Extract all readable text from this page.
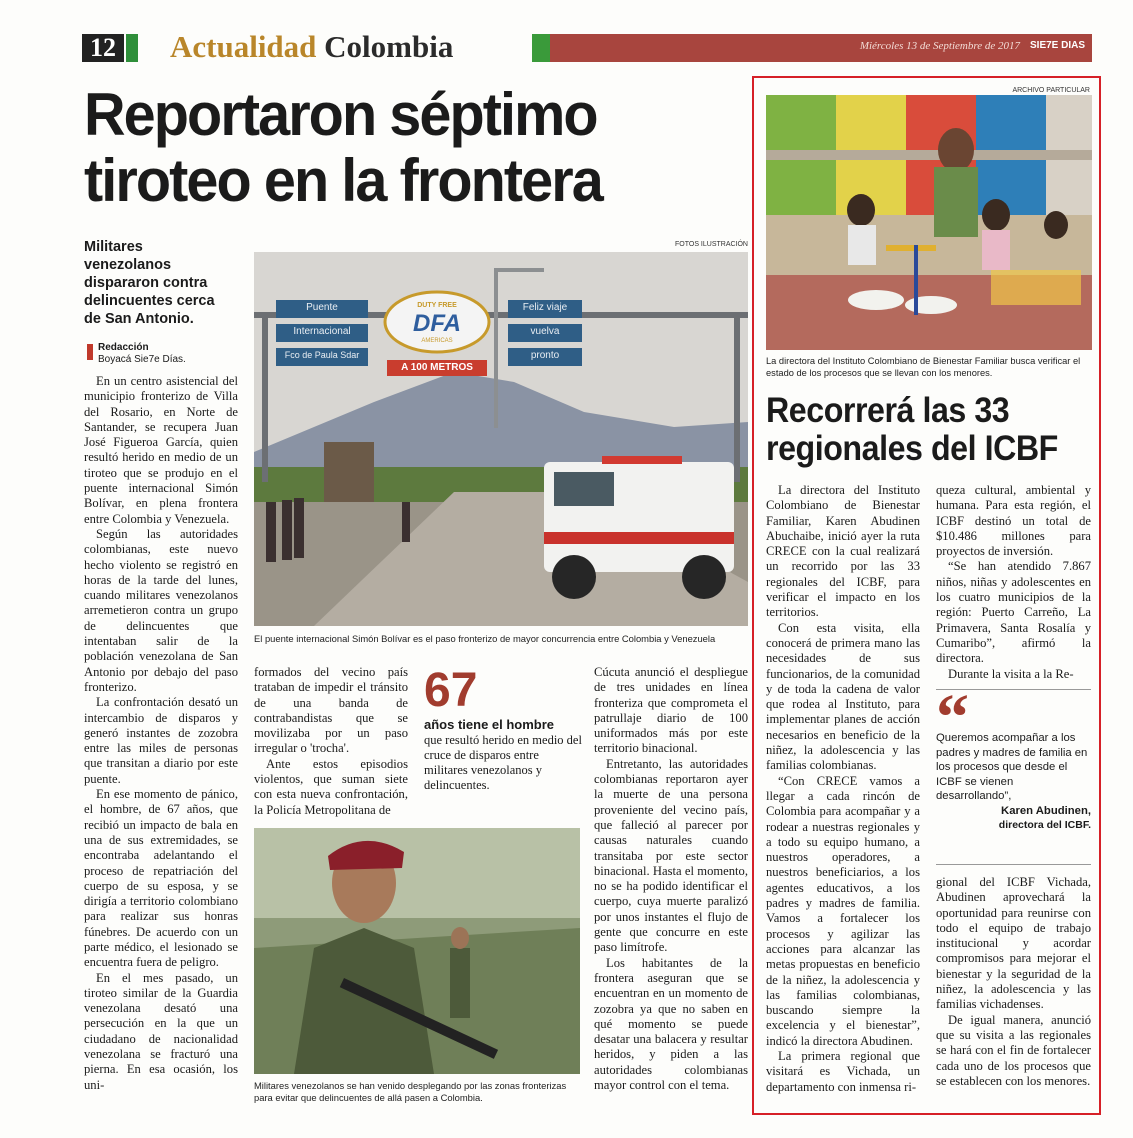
12 Actualidad Colombia	Miércoles 13 de Septiembre de 2017 SIE7E DIAS
Reportaron séptimo
tiroteo en la frontera
Militares venezolanos dispararon contra delincuentes cerca de San Antonio.
Redacción
Boyacá Sie7e Días.
FOTOS ILUSTRACIÓN
Puente
Internacional
Fco de Paula Sdar
DUTY FREE
DFA
AMERICAS
A 100 METROS
Feliz viaje
vuelva
pronto
El puente internacional Simón Bolívar es el paso fronterizo de mayor concurrencia entre Colombia y Venezuela

En un centro asistencial del municipio fronterizo de Villa del Rosario, en Norte de Santander, se recupera Juan José Figueroa García, quien resultó herido en medio de un tiroteo que se produjo en el puente internacional Simón Bolívar, en plena frontera entre Colombia y Venezuela.

Según las autoridades colombianas, este nuevo hecho violento se registró en horas de la tarde del lunes, cuando militares venezolanos arremetieron contra un grupo de delincuentes que intentaban salir de la población venezolana de San Antonio por debajo del paso fronterizo.

La confrontación desató un intercambio de disparos y generó instantes de zozobra entre las miles de personas que transitan a diario por este puente.

En ese momento de pánico, el hombre, de 67 años, que recibió un impacto de bala en una de sus extremidades, se encontraba adelantando el proceso de repatriación del cuerpo de su esposa, y se dirigía a territorio colombiano para realizar sus honras fúnebres. De acuerdo con un parte médico, el lesionado se encuentra fuera de peligro.

En el mes pasado, un tiroteo similar de la Guardia venezolana desató una persecución en la que un ciudadano de nacionalidad venezolana se fracturó una pierna. En esa ocasión, los uni-

formados del vecino país trataban de impedir el tránsito de una banda de contrabandistas que se movilizaba por un paso irregular o 'trocha'.

Ante estos episodios violentos, que suman siete con esta nueva confrontación, la Policía Metropolitana de

67
años tiene el hombre
que resultó herido en medio del cruce de disparos entre militares venezolanos y delincuentes.

Cúcuta anunció el despliegue de tres unidades en línea fronteriza que comprometa el patrullaje diario de 100 uniformados más por este territorio binacional.

Entretanto, las autoridades colombianas reportaron ayer la muerte de una persona proveniente del vecino país, que falleció al parecer por causas naturales cuando transitaba por este sector binacional. Hasta el momento, no se ha podido identificar el cuerpo, cuya muerte paralizó por unos instantes el flujo de gente que concurre en este paso limítrofe.

Los habitantes de la frontera aseguran que se encuentran en un momento de zozobra ya que no saben en qué momento se puede desatar una balacera y resultar heridos, y piden a las autoridades colombianas mayor control con el tema.

Militares venezolanos se han venido desplegando por las zonas fronterizas para evitar que delincuentes de allá pasen a Colombia.
ARCHIVO PARTICULAR
La directora del Instituto Colombiano de Bienestar Familiar busca verificar el estado de los procesos que se llevan con los menores.
Recorrerá las 33
regionales del ICBF

La directora del Instituto Colombiano de Bienestar Familiar, Karen Abudinen Abuchaibe, inició ayer la ruta CRECE con la cual realizará un recorrido por las 33 regionales del ICBF, para verificar el impacto en los territorios.

Con esta visita, ella conocerá de primera mano las necesidades de sus funcionarios, de la comunidad y de toda la cadena de valor que rodea al Instituto, para implementar planes de acción necesarios en beneficio de la niñez, la adolescencia y las familias colombianas.

“Con CRECE vamos a llegar a cada rincón de Colombia para acompañar y a rodear a nuestras regionales y a todo su equipo humano, a nuestros operadores, a nuestros beneficiarios, a los agentes educativos, a los padres y madres de familia. Vamos a fortalecer los procesos y agilizar las acciones para alcanzar las metas propuestas en beneficio de la niñez, la adolescencia y las familias colombianas, buscando siempre la excelencia y el bienestar”, indicó la directora Abudinen.

La primera regional que visitará es Vichada, un departamento con inmensa ri-

queza cultural, ambiental y humana. Para esta región, el ICBF destinó un total de $10.486 millones para proyectos de inversión.

“Se han atendido 7.867 niños, niñas y adolescentes en los cuatro municipios de la región: Puerto Carreño, La Primavera, Santa Rosalía y Cumaribo”, afirmó la directora.

Durante la visita a la Re-

“
Queremos acompañar a los padres y madres de familia en los procesos que desde el ICBF se vienen desarrollando”,
Karen Abudinen,
directora del ICBF.

gional del ICBF Vichada, Abudinen aprovechará la oportunidad para reunirse con todo el equipo de trabajo institucional y acordar compromisos para mejorar el bienestar y la seguridad de la niñez, la adolescencia y las familias vichadenses.

De igual manera, anunció que su visita a las regionales se hará con el fin de fortalecer cada uno de los procesos que se establecen con los menores.
